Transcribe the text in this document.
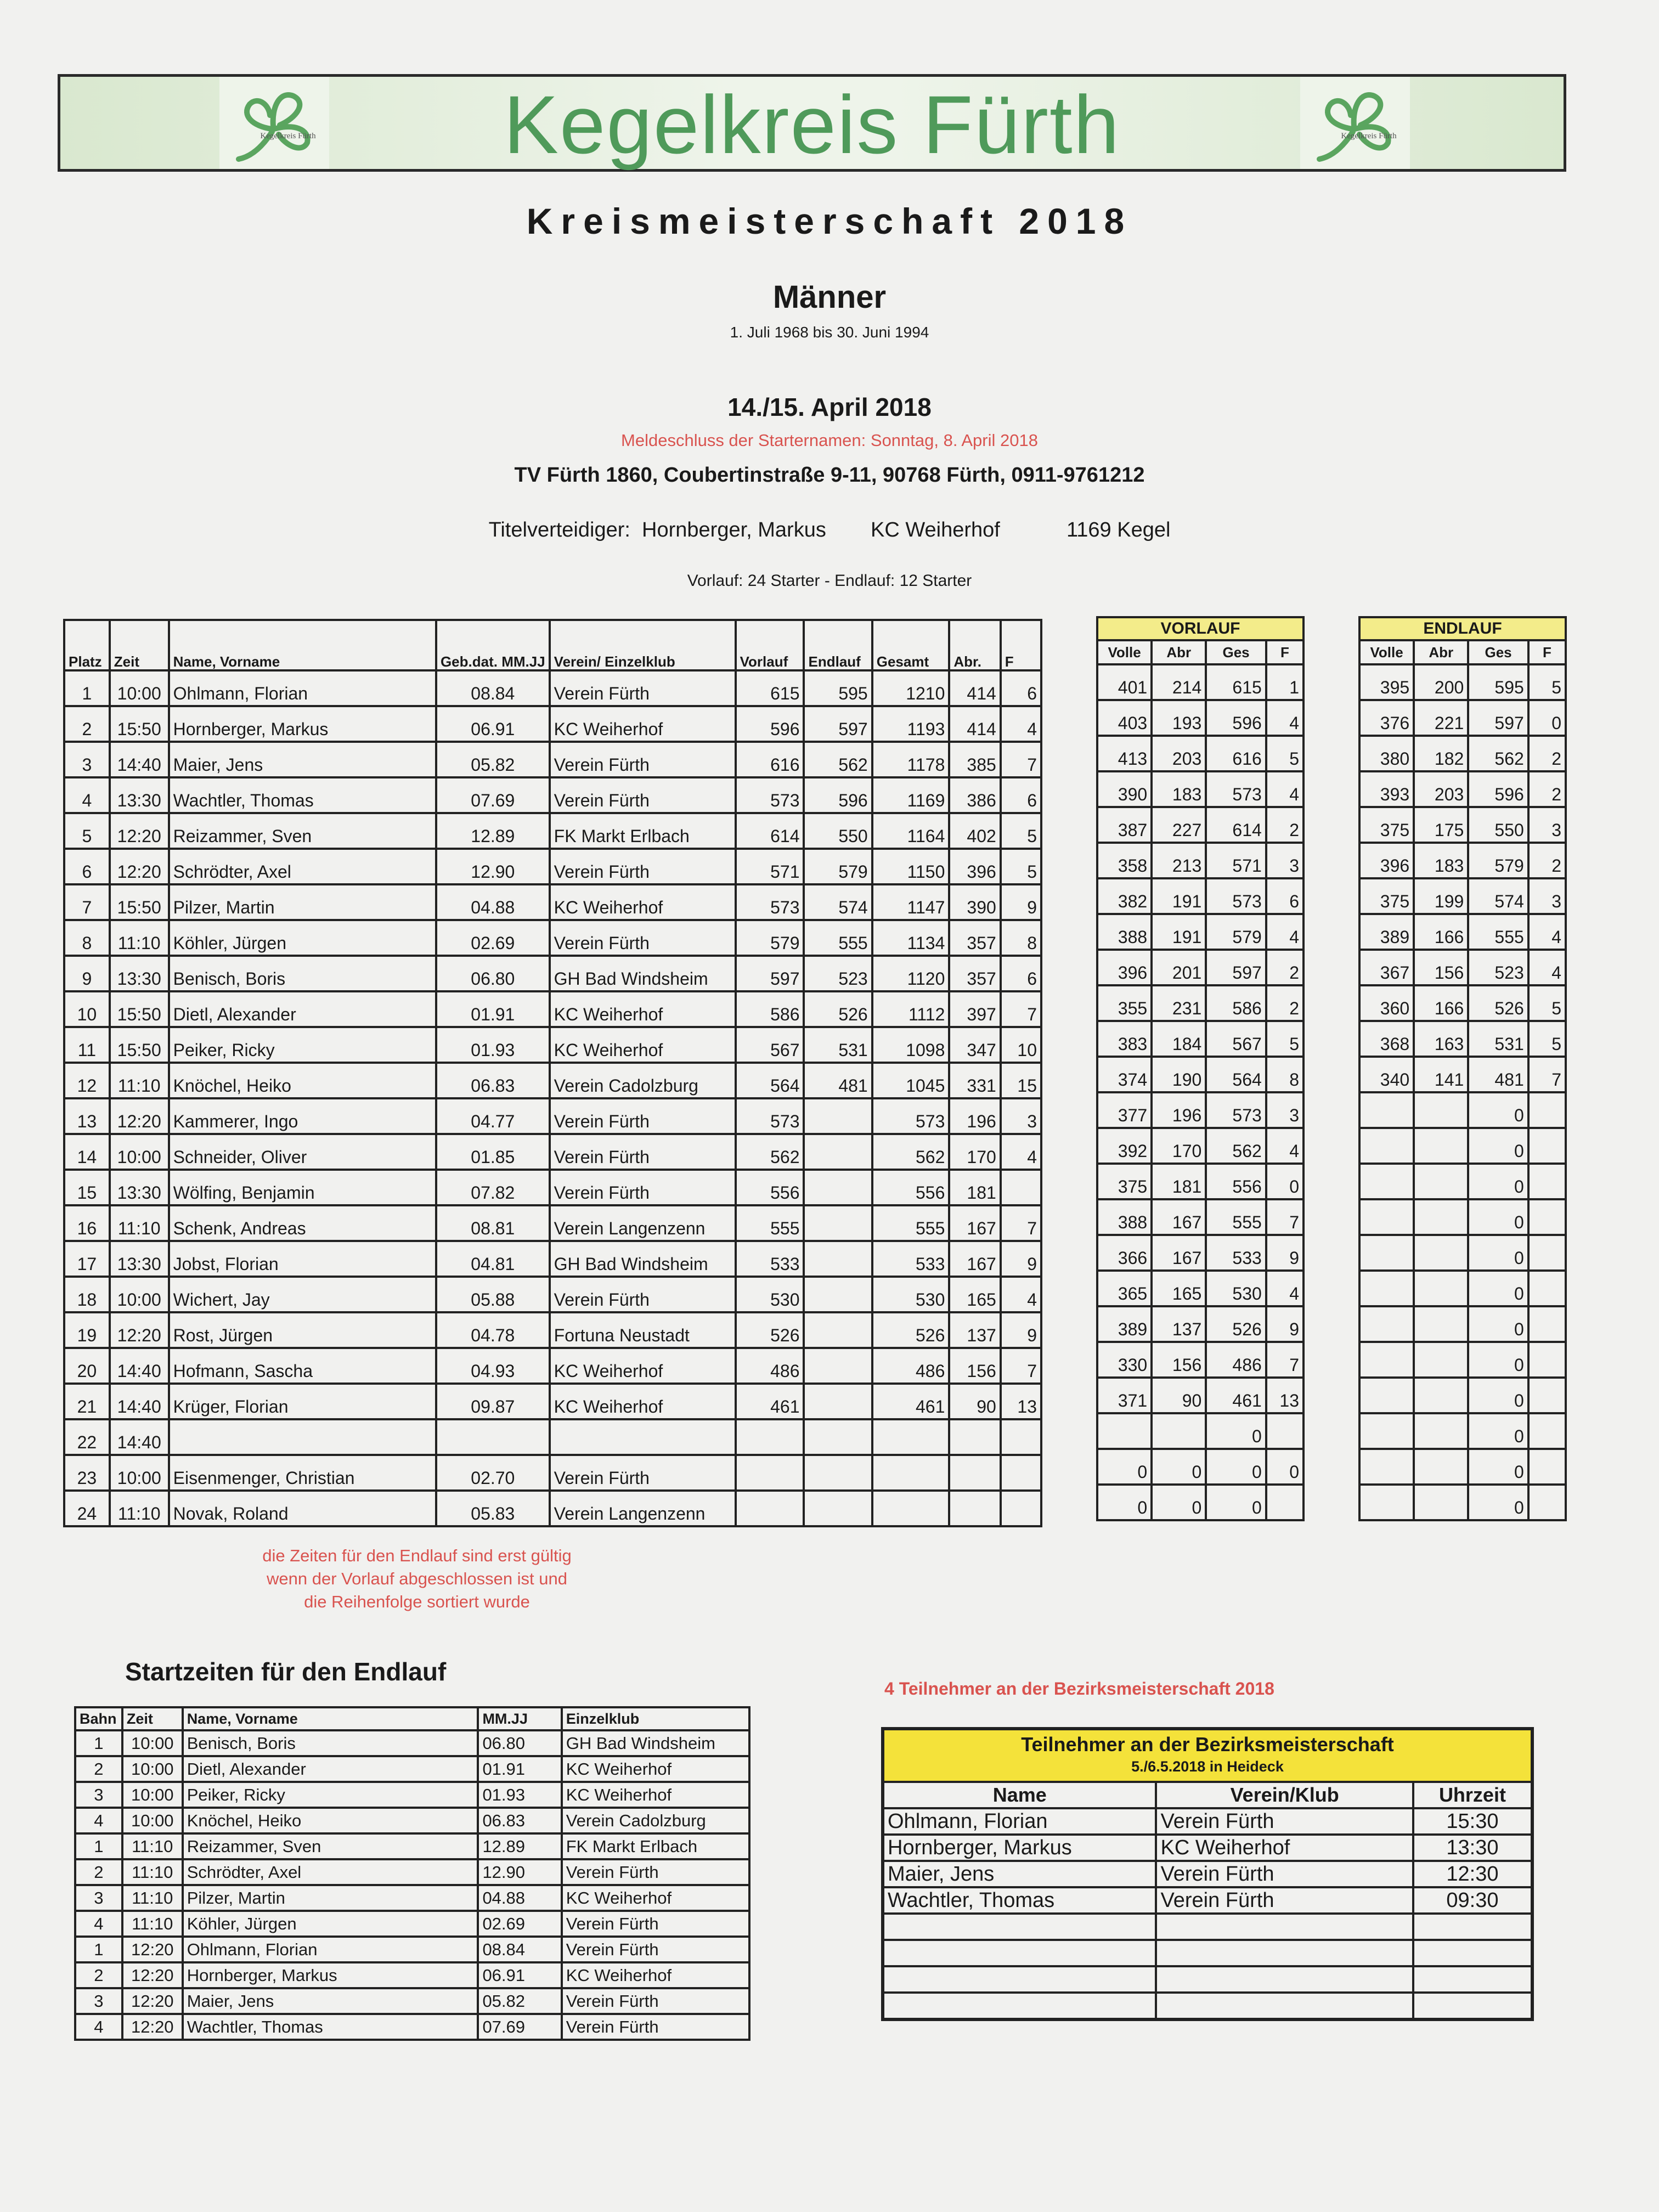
Kegelkreis Fürth	Kegelkreis Fürth	Kegelkreis Fürth
Kreismeisterschaft 2018
Männer
1. Juli 1968 bis 30. Juni 1994
14./15. April 2018
Meldeschluss der Starternamen: Sonntag, 8. April 2018
TV Fürth 1860, Coubertinstraße 9-11, 90768 Fürth, 0911-9761212
Titelverteidiger: Hornberger, Markus KC Weiherhof	1169 Kegel
Vorlauf: 24 Starter - Endlauf: 12 Starter
Platz	Zeit	Name, Vorname	Geb.dat. MM.JJ	Verein/ Einzelklub	Vorlauf	Endlauf	Gesamt	Abr.	F
1	10:00	Ohlmann, Florian	08.84	Verein Fürth	615	595	1210	414	6
2	15:50	Hornberger, Markus	06.91	KC Weiherhof	596	597	1193	414	4
3	14:40	Maier, Jens	05.82	Verein Fürth	616	562	1178	385	7
4	13:30	Wachtler, Thomas	07.69	Verein Fürth	573	596	1169	386	6
5	12:20	Reizammer, Sven	12.89	FK Markt Erlbach	614	550	1164	402	5
6	12:20	Schrödter, Axel	12.90	Verein Fürth	571	579	1150	396	5
7	15:50	Pilzer, Martin	04.88	KC Weiherhof	573	574	1147	390	9
8	11:10	Köhler, Jürgen	02.69	Verein Fürth	579	555	1134	357	8
9	13:30	Benisch, Boris	06.80	GH Bad Windsheim	597	523	1120	357	6
10	15:50	Dietl, Alexander	01.91	KC Weiherhof	586	526	1112	397	7
11	15:50	Peiker, Ricky	01.93	KC Weiherhof	567	531	1098	347	10
12	11:10	Knöchel, Heiko	06.83	Verein Cadolzburg	564	481	1045	331	15
13	12:20	Kammerer, Ingo	04.77	Verein Fürth	573		573	196	3
14	10:00	Schneider, Oliver	01.85	Verein Fürth	562		562	170	4
15	13:30	Wölfing, Benjamin	07.82	Verein Fürth	556		556	181	
16	11:10	Schenk, Andreas	08.81	Verein Langenzenn	555		555	167	7
17	13:30	Jobst, Florian	04.81	GH Bad Windsheim	533		533	167	9
18	10:00	Wichert, Jay	05.88	Verein Fürth	530		530	165	4
19	12:20	Rost, Jürgen	04.78	Fortuna Neustadt	526		526	137	9
20	14:40	Hofmann, Sascha	04.93	KC Weiherhof	486		486	156	7
21	14:40	Krüger, Florian	09.87	KC Weiherhof	461		461	90	13
22	14:40								
23	10:00	Eisenmenger, Christian	02.70	Verein Fürth					
24	11:10	Novak, Roland	05.83	Verein Langenzenn					
VORLAUF			
Volle	Abr	Ges	F
401	214	615	1
403	193	596	4
413	203	616	5
390	183	573	4
387	227	614	2
358	213	571	3
382	191	573	6
388	191	579	4
396	201	597	2
355	231	586	2
383	184	567	5
374	190	564	8
377	196	573	3
392	170	562	4
375	181	556	0
388	167	555	7
366	167	533	9
365	165	530	4
389	137	526	9
330	156	486	7
371	90	461	13
		0	
0	0	0	0
0	0	0	
ENDLAUF			
Volle	Abr	Ges	F
395	200	595	5
376	221	597	0
380	182	562	2
393	203	596	2
375	175	550	3
396	183	579	2
375	199	574	3
389	166	555	4
367	156	523	4
360	166	526	5
368	163	531	5
340	141	481	7
		0	
		0	
		0	
		0	
		0	
		0	
		0	
		0	
		0	
		0	
		0	
		0	
die Zeiten für den Endlauf sind erst gültig
wenn der Vorlauf abgeschlossen ist und
die Reihenfolge sortiert wurde
Startzeiten für den Endlauf
Bahn	Zeit	Name, Vorname	MM.JJ	Einzelklub
1	10:00	Benisch, Boris	06.80	GH Bad Windsheim
2	10:00	Dietl, Alexander	01.91	KC Weiherhof
3	10:00	Peiker, Ricky	01.93	KC Weiherhof
4	10:00	Knöchel, Heiko	06.83	Verein Cadolzburg
1	11:10	Reizammer, Sven	12.89	FK Markt Erlbach
2	11:10	Schrödter, Axel	12.90	Verein Fürth
3	11:10	Pilzer, Martin	04.88	KC Weiherhof
4	11:10	Köhler, Jürgen	02.69	Verein Fürth
1	12:20	Ohlmann, Florian	08.84	Verein Fürth
2	12:20	Hornberger, Markus	06.91	KC Weiherhof
3	12:20	Maier, Jens	05.82	Verein Fürth
4	12:20	Wachtler, Thomas	07.69	Verein Fürth
4 Teilnehmer an der Bezirksmeisterschaft 2018
Teilnehmer an der Bezirksmeisterschaft
5./6.5.2018 in Heideck		

Name	Verein/Klub	Uhrzeit
Ohlmann, Florian	Verein Fürth	15:30
Hornberger, Markus	KC Weiherhof	13:30
Maier, Jens	Verein Fürth	12:30
Wachtler, Thomas	Verein Fürth	09:30
